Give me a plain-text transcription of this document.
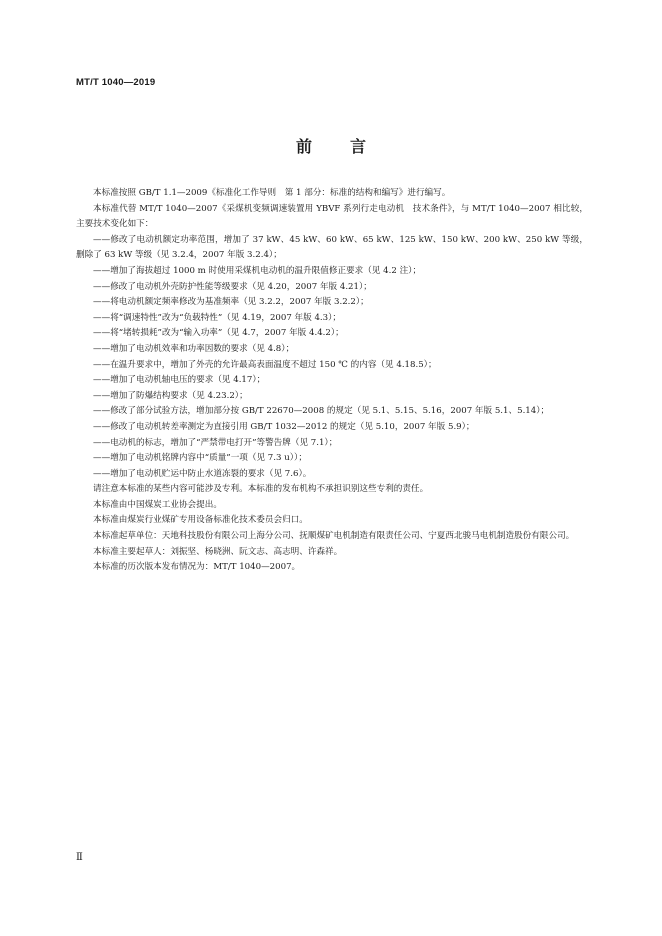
MT/T 1040—2019
前 言
本标准按照 GB/T 1.1—2009《标准化工作导则　第 1 部分：标准的结构和编写》进行编写。
本标准代替 MT/T 1040—2007《采煤机变频调速装置用 YBVF 系列行走电动机　技术条件》，与 MT/T 1040—2007 相比较，主要技术变化如下：
——修改了电动机额定功率范围，增加了 37 kW、45 kW、60 kW、65 kW、125 kW、150 kW、200 kW、250 kW 等级，删除了 63 kW 等级（见 3.2.4，2007 年版 3.2.4）；
——增加了海拔超过 1000 m 时使用采煤机电动机的温升限值修正要求（见 4.2 注）；
——修改了电动机外壳防护性能等级要求（见 4.20，2007 年版 4.21）；
——将电动机额定频率修改为基准频率（见 3.2.2，2007 年版 3.2.2）；
——将“调速特性”改为“负载特性”（见 4.19，2007 年版 4.3）；
——将“堵转损耗”改为“输入功率”（见 4.7，2007 年版 4.4.2）；
——增加了电动机效率和功率因数的要求（见 4.8）；
——在温升要求中，增加了外壳的允许最高表面温度不超过 150 ℃ 的内容（见 4.18.5）；
——增加了电动机轴电压的要求（见 4.17）；
——增加了防爆结构要求（见 4.23.2）；
——修改了部分试验方法，增加部分按 GB/T 22670—2008 的规定（见 5.1、5.15、5.16，2007 年版 5.1、5.14）；
——修改了电动机转差率测定为直接引用 GB/T 1032—2012 的规定（见 5.10，2007 年版 5.9）；
——电动机的标志，增加了“严禁带电打开”等警告牌（见 7.1）；
——增加了电动机铭牌内容中“质量”一项（见 7.3 u））；
——增加了电动机贮运中防止水道冻裂的要求（见 7.6）。
请注意本标准的某些内容可能涉及专利。本标准的发布机构不承担识别这些专利的责任。
本标准由中国煤炭工业协会提出。
本标准由煤炭行业煤矿专用设备标准化技术委员会归口。
本标准起草单位：天地科技股份有限公司上海分公司、抚顺煤矿电机制造有限责任公司、宁夏西北骏马电机制造股份有限公司。
本标准主要起草人：刘振坚、杨晓洲、阮文志、高志明、许森祥。
本标准的历次版本发布情况为：MT/T 1040—2007。
Ⅱ
